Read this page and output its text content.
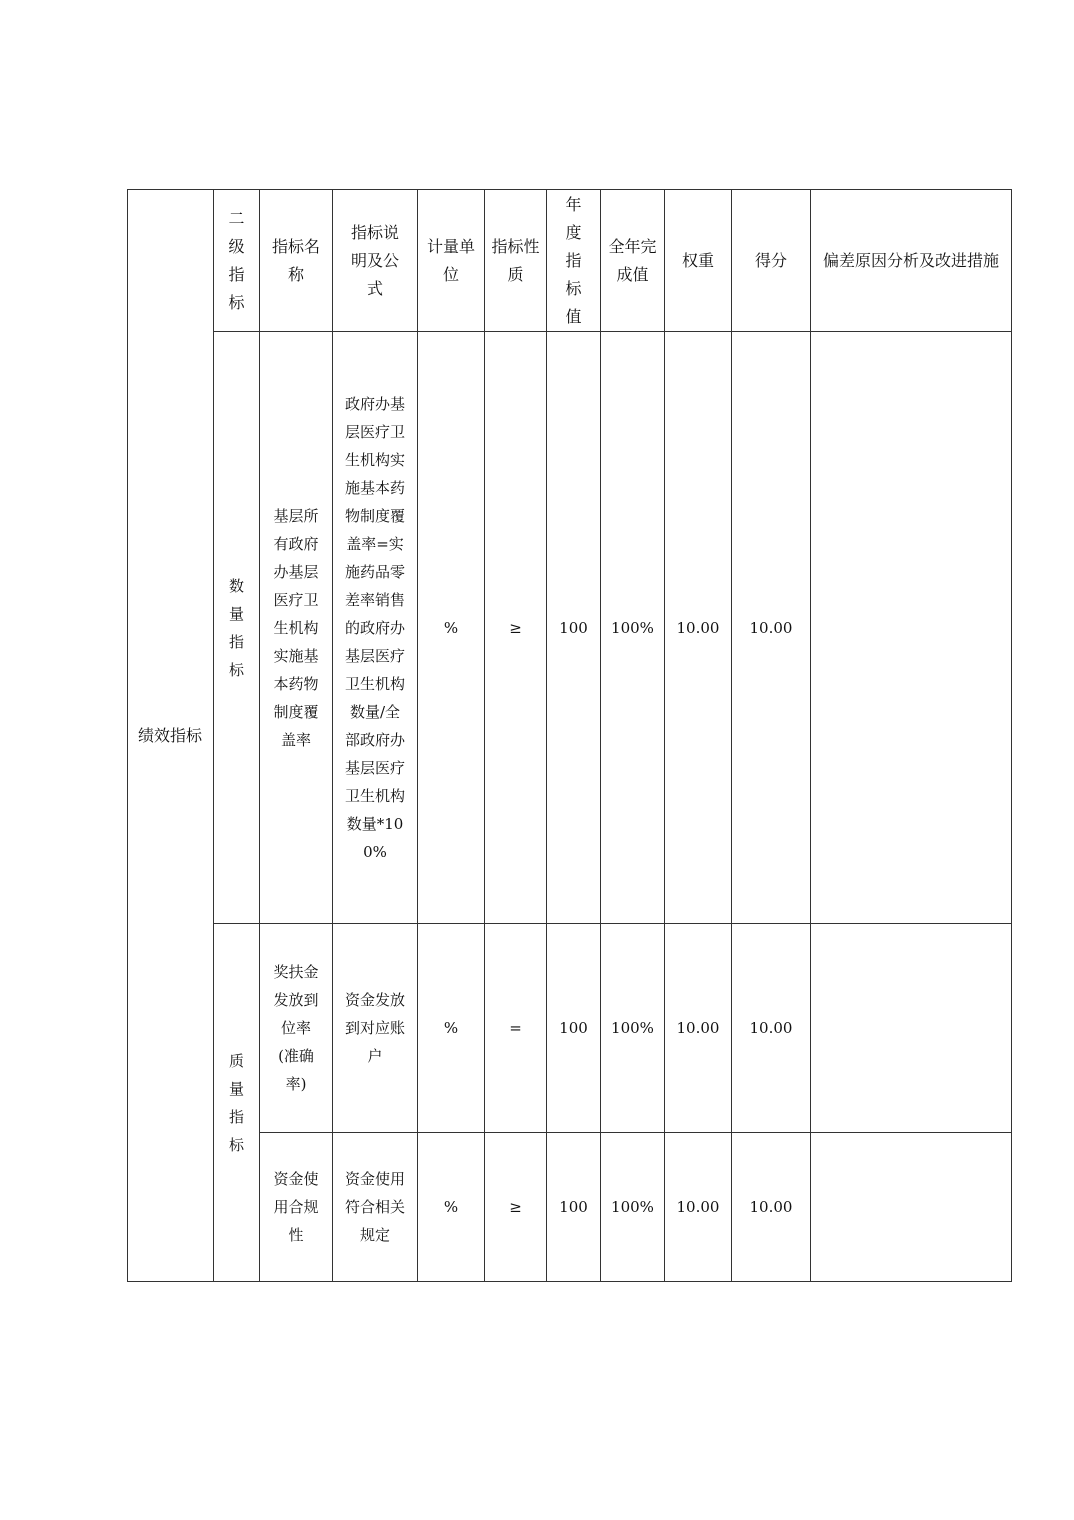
绩效指标	二级指标	指标名称	指标说明及公式	计量单位	指标性质	年度指标值	全年完成值	权重	得分	偏差原因分析及改进措施
	数量指标	基层所有政府办基层医疗卫生机构实施基本药物制度覆盖率	政府办基层医疗卫生机构实施基本药物制度覆盖率=实施药品零差率销售的政府办基层医疗卫生机构数量/全部政府办基层医疗卫生机构数量*100%	%	≥	100	100%	10.00	10.00	
	质量指标	奖扶金发放到位率(准确率)	资金发放到对应账户	%	=	100	100%	10.00	10.00	
		资金使用合规性	资金使用符合相关规定	%	≥	100	100%	10.00	10.00	
